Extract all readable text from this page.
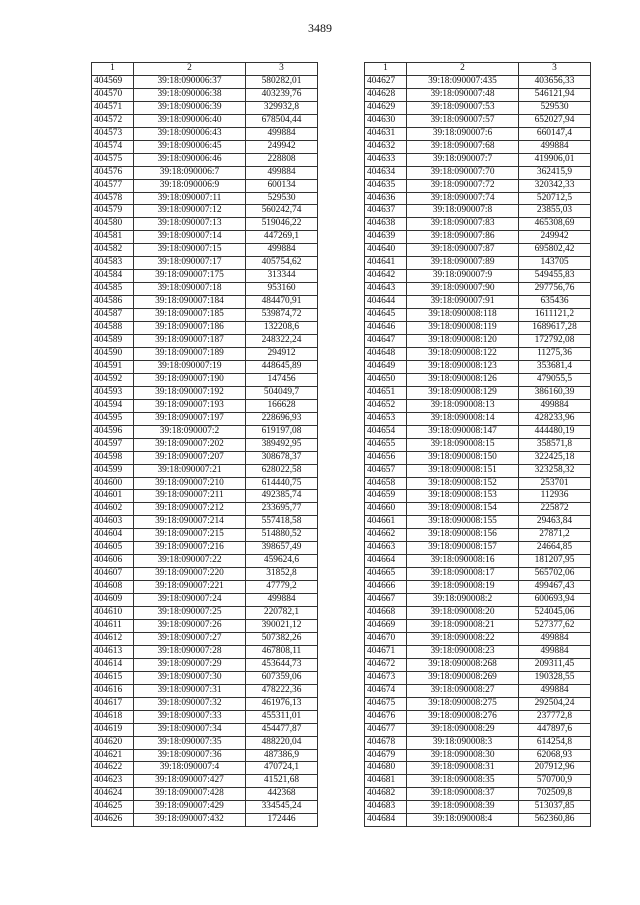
3489
1	2	3
404569	39:18:090006:37	580282,01
404570	39:18:090006:38	403239,76
404571	39:18:090006:39	329932,8
404572	39:18:090006:40	678504,44
404573	39:18:090006:43	499884
404574	39:18:090006:45	249942
404575	39:18:090006:46	228808
404576	39:18:090006:7	499884
404577	39:18:090006:9	600134
404578	39:18:090007:11	529530
404579	39:18:090007:12	560242,74
404580	39:18:090007:13	519046,22
404581	39:18:090007:14	447269,1
404582	39:18:090007:15	499884
404583	39:18:090007:17	405754,62
404584	39:18:090007:175	313344
404585	39:18:090007:18	953160
404586	39:18:090007:184	484470,91
404587	39:18:090007:185	539874,72
404588	39:18:090007:186	132208,6
404589	39:18:090007:187	248322,24
404590	39:18:090007:189	294912
404591	39:18:090007:19	448645,89
404592	39:18:090007:190	147456
404593	39:18:090007:192	504049,7
404594	39:18:090007:193	166628
404595	39:18:090007:197	228696,93
404596	39:18:090007:2	619197,08
404597	39:18:090007:202	389492,95
404598	39:18:090007:207	308678,37
404599	39:18:090007:21	628022,58
404600	39:18:090007:210	614440,75
404601	39:18:090007:211	492385,74
404602	39:18:090007:212	233695,77
404603	39:18:090007:214	557418,58
404604	39:18:090007:215	514880,52
404605	39:18:090007:216	398657,49
404606	39:18:090007:22	459624,6
404607	39:18:090007:220	31852,8
404608	39:18:090007:221	47779,2
404609	39:18:090007:24	499884
404610	39:18:090007:25	220782,1
404611	39:18:090007:26	390021,12
404612	39:18:090007:27	507382,26
404613	39:18:090007:28	467808,11
404614	39:18:090007:29	453644,73
404615	39:18:090007:30	607359,06
404616	39:18:090007:31	478222,36
404617	39:18:090007:32	461976,13
404618	39:18:090007:33	455311,01
404619	39:18:090007:34	454477,87
404620	39:18:090007:35	488220,04
404621	39:18:090007:36	487386,9
404622	39:18:090007:4	470724,1
404623	39:18:090007:427	41521,68
404624	39:18:090007:428	442368
404625	39:18:090007:429	334545,24
404626	39:18:090007:432	172446
1	2	3
404627	39:18:090007:435	403656,33
404628	39:18:090007:48	546121,94
404629	39:18:090007:53	529530
404630	39:18:090007:57	652027,94
404631	39:18:090007:6	660147,4
404632	39:18:090007:68	499884
404633	39:18:090007:7	419906,01
404634	39:18:090007:70	362415,9
404635	39:18:090007:72	320342,33
404636	39:18:090007:74	520712,5
404637	39:18:090007:8	23855,03
404638	39:18:090007:83	465308,69
404639	39:18:090007:86	249942
404640	39:18:090007:87	695802,42
404641	39:18:090007:89	143705
404642	39:18:090007:9	549455,83
404643	39:18:090007:90	297756,76
404644	39:18:090007:91	635436
404645	39:18:090008:118	1611121,2
404646	39:18:090008:119	1689617,28
404647	39:18:090008:120	172792,08
404648	39:18:090008:122	11275,36
404649	39:18:090008:123	353681,4
404650	39:18:090008:126	479055,5
404651	39:18:090008:129	386160,39
404652	39:18:090008:13	499884
404653	39:18:090008:14	428233,96
404654	39:18:090008:147	444480,19
404655	39:18:090008:15	358571,8
404656	39:18:090008:150	322425,18
404657	39:18:090008:151	323258,32
404658	39:18:090008:152	253701
404659	39:18:090008:153	112936
404660	39:18:090008:154	225872
404661	39:18:090008:155	29463,84
404662	39:18:090008:156	27871,2
404663	39:18:090008:157	24664,85
404664	39:18:090008:16	181207,95
404665	39:18:090008:17	565702,06
404666	39:18:090008:19	499467,43
404667	39:18:090008:2	600693,94
404668	39:18:090008:20	524045,06
404669	39:18:090008:21	527377,62
404670	39:18:090008:22	499884
404671	39:18:090008:23	499884
404672	39:18:090008:268	209311,45
404673	39:18:090008:269	190328,55
404674	39:18:090008:27	499884
404675	39:18:090008:275	292504,24
404676	39:18:090008:276	237772,8
404677	39:18:090008:29	447897,6
404678	39:18:090008:3	614254,8
404679	39:18:090008:30	62068,93
404680	39:18:090008:31	207912,96
404681	39:18:090008:35	570700,9
404682	39:18:090008:37	702509,8
404683	39:18:090008:39	513037,85
404684	39:18:090008:4	562360,86
